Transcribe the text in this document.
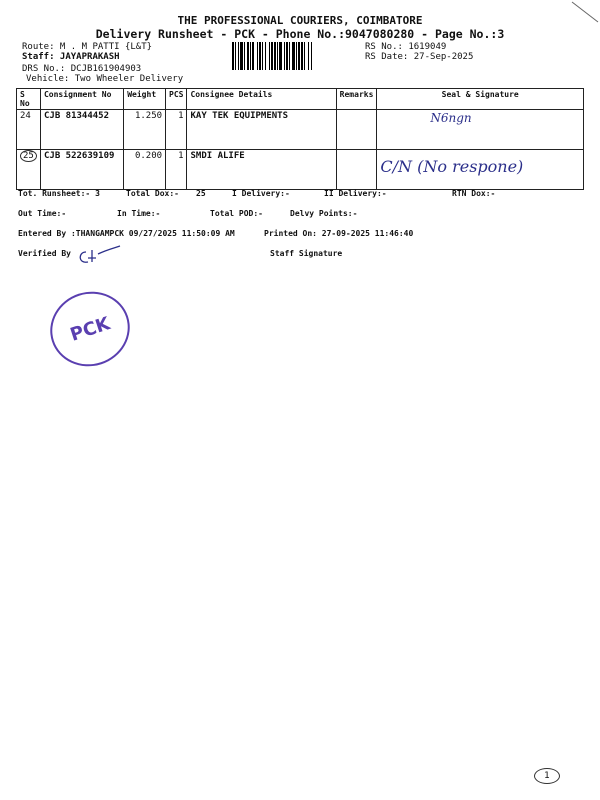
THE PROFESSIONAL COURIERS, COIMBATORE
Delivery Runsheet - PCK - Phone No.:9047080280 - Page No.:3
Route: M . M PATTI {L&T}
Staff: JAYAPRAKASH
DRS No.: DCJB161904903
Vehicle: Two Wheeler Delivery
RS No.: 1619049
RS Date: 27-Sep-2025
S No	Consignment No	Weight	PCS	Consignee Details	Remarks	Seal & Signature
24	CJB 81344452	1.250	1	KAY TEK EQUIPMENTS		N6ngn

25	CJB 522639109	0.200	1	SMDI ALIFE		C/N (No respone)
Tot. Runsheet:- 3	Total Dox:- 25	I Delivery:-	II Delivery:-	RTN Dox:-
Out Time:-	In Time:-	Total POD:-	Delvy Points:-
Entered By :THANGAMPCK 09/27/2025 11:50:09 AM	Printed On: 27-09-2025 11:46:40
Verified By	Staff Signature
PCK
1
